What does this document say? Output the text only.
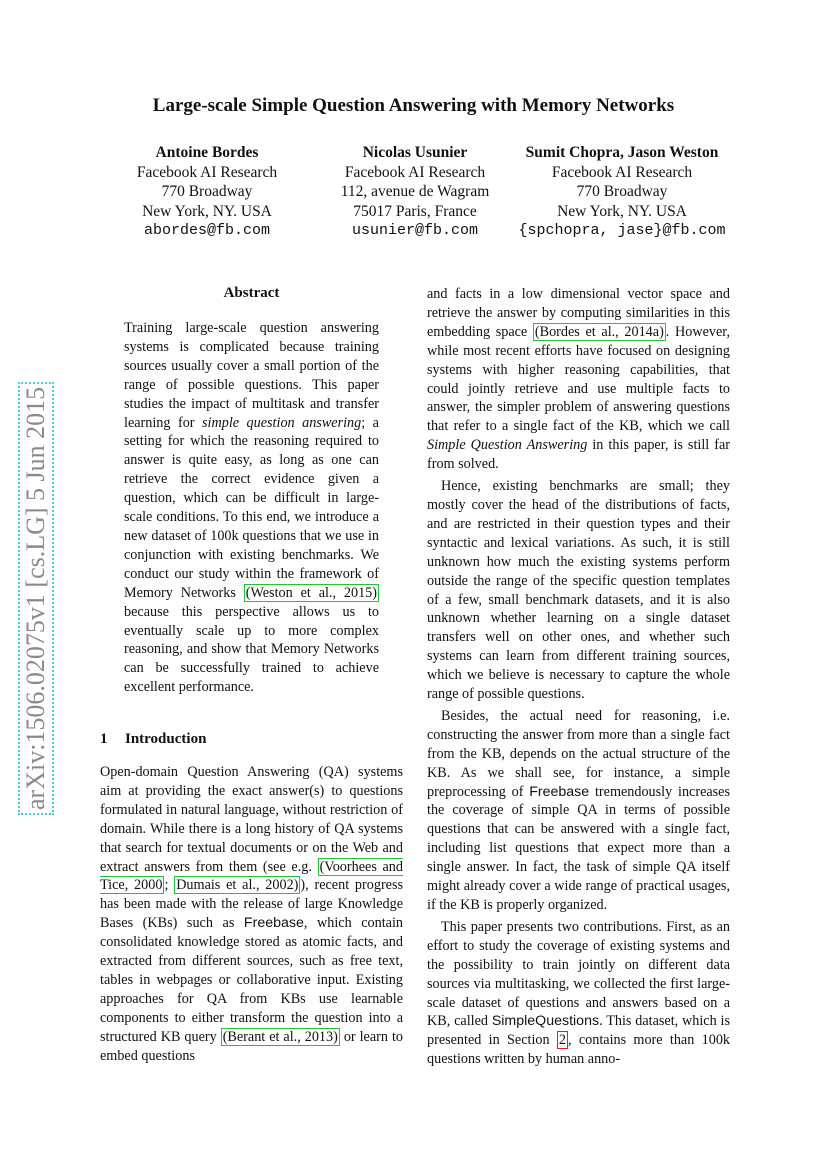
Large-scale Simple Question Answering with Memory Networks
Antoine Bordes
Facebook AI Research
770 Broadway
New York, NY. USA
abordes@fb.com
Nicolas Usunier
Facebook AI Research
112, avenue de Wagram
75017 Paris, France
usunier@fb.com
Sumit Chopra, Jason Weston
Facebook AI Research
770 Broadway
New York, NY. USA
{spchopra, jase}@fb.com
arXiv:1506.02075v1 [cs.LG] 5 Jun 2015
Abstract

Training large-scale question answering systems is complicated because training sources usually cover a small portion of the range of possible questions. This paper studies the impact of multitask and transfer learning for simple question answering; a setting for which the reasoning required to answer is quite easy, as long as one can retrieve the correct evidence given a question, which can be difficult in large-scale conditions. To this end, we introduce a new dataset of 100k questions that we use in conjunction with existing benchmarks. We conduct our study within the framework of Memory Networks (Weston et al., 2015) because this perspective allows us to eventually scale up to more complex reasoning, and show that Memory Networks can be successfully trained to achieve excellent performance.

1 Introduction

Open-domain Question Answering (QA) systems aim at providing the exact answer(s) to questions formulated in natural language, without restriction of domain. While there is a long history of QA systems that search for textual documents or on the Web and extract answers from them (see e.g. (Voorhees and Tice, 2000 ; Dumais et al., 2002) ), recent progress has been made with the release of large Knowledge Bases (KBs) such as Freebase, which contain consolidated knowledge stored as atomic facts, and extracted from different sources, such as free text, tables in webpages or collaborative input. Existing approaches for QA from KBs use learnable components to either transform the question into a structured KB query (Berant et al., 2013) or learn to embed questions

and facts in a low dimensional vector space and retrieve the answer by computing similarities in this embedding space (Bordes et al., 2014a) . However, while most recent efforts have focused on designing systems with higher reasoning capabilities, that could jointly retrieve and use multiple facts to answer, the simpler problem of answering questions that refer to a single fact of the KB, which we call Simple Question Answering in this paper, is still far from solved.

Hence, existing benchmarks are small; they mostly cover the head of the distributions of facts, and are restricted in their question types and their syntactic and lexical variations. As such, it is still unknown how much the existing systems perform outside the range of the specific question templates of a few, small benchmark datasets, and it is also unknown whether learning on a single dataset transfers well on other ones, and whether such systems can learn from different training sources, which we believe is necessary to capture the whole range of possible questions.

Besides, the actual need for reasoning, i.e. constructing the answer from more than a single fact from the KB, depends on the actual structure of the KB. As we shall see, for instance, a simple preprocessing of Freebase tremendously increases the coverage of simple QA in terms of possible questions that can be answered with a single fact, including list questions that expect more than a single answer. In fact, the task of simple QA itself might already cover a wide range of practical usages, if the KB is properly organized.

This paper presents two contributions. First, as an effort to study the coverage of existing systems and the possibility to train jointly on different data sources via multitasking, we collected the first large-scale dataset of questions and answers based on a KB, called SimpleQuestions. This dataset, which is presented in Section 2 , contains more than 100k questions written by human anno-
